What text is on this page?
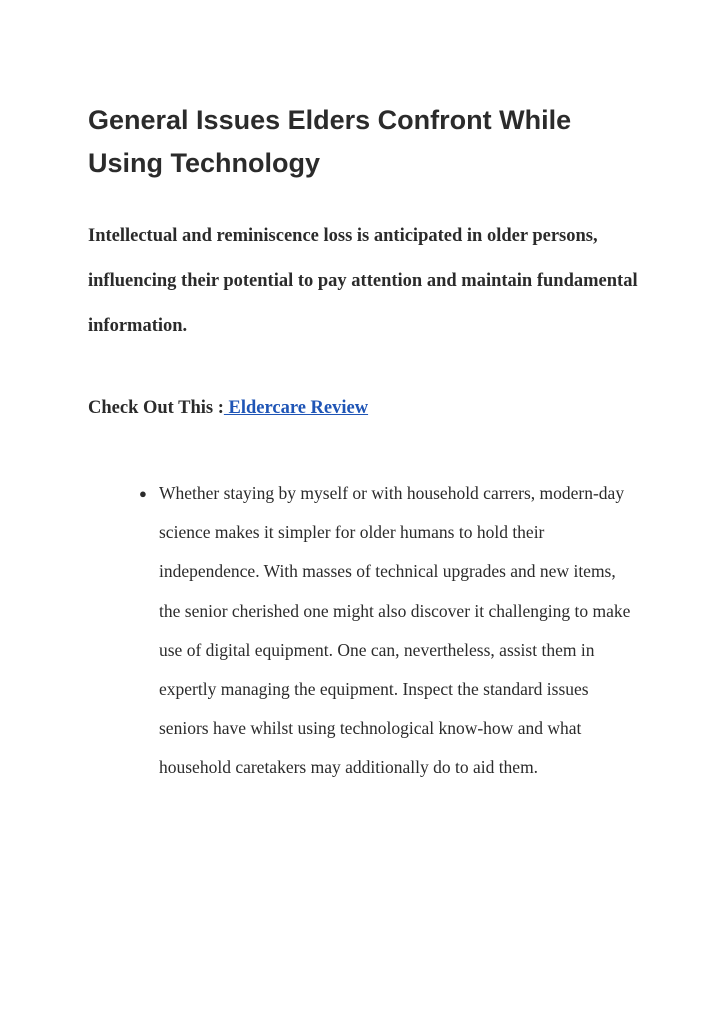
General Issues Elders Confront While Using Technology

Intellectual and reminiscence loss is anticipated in older persons, influencing their potential to pay attention and maintain fundamental information.

Check Out This : Eldercare Review

● Whether staying by myself or with household carrers, modern-day science makes it simpler for older humans to hold their independence. With masses of technical upgrades and new items, the senior cherished one might also discover it challenging to make use of digital equipment. One can, nevertheless, assist them in expertly managing the equipment. Inspect the standard issues seniors have whilst using technological know-how and what household caretakers may additionally do to aid them.
